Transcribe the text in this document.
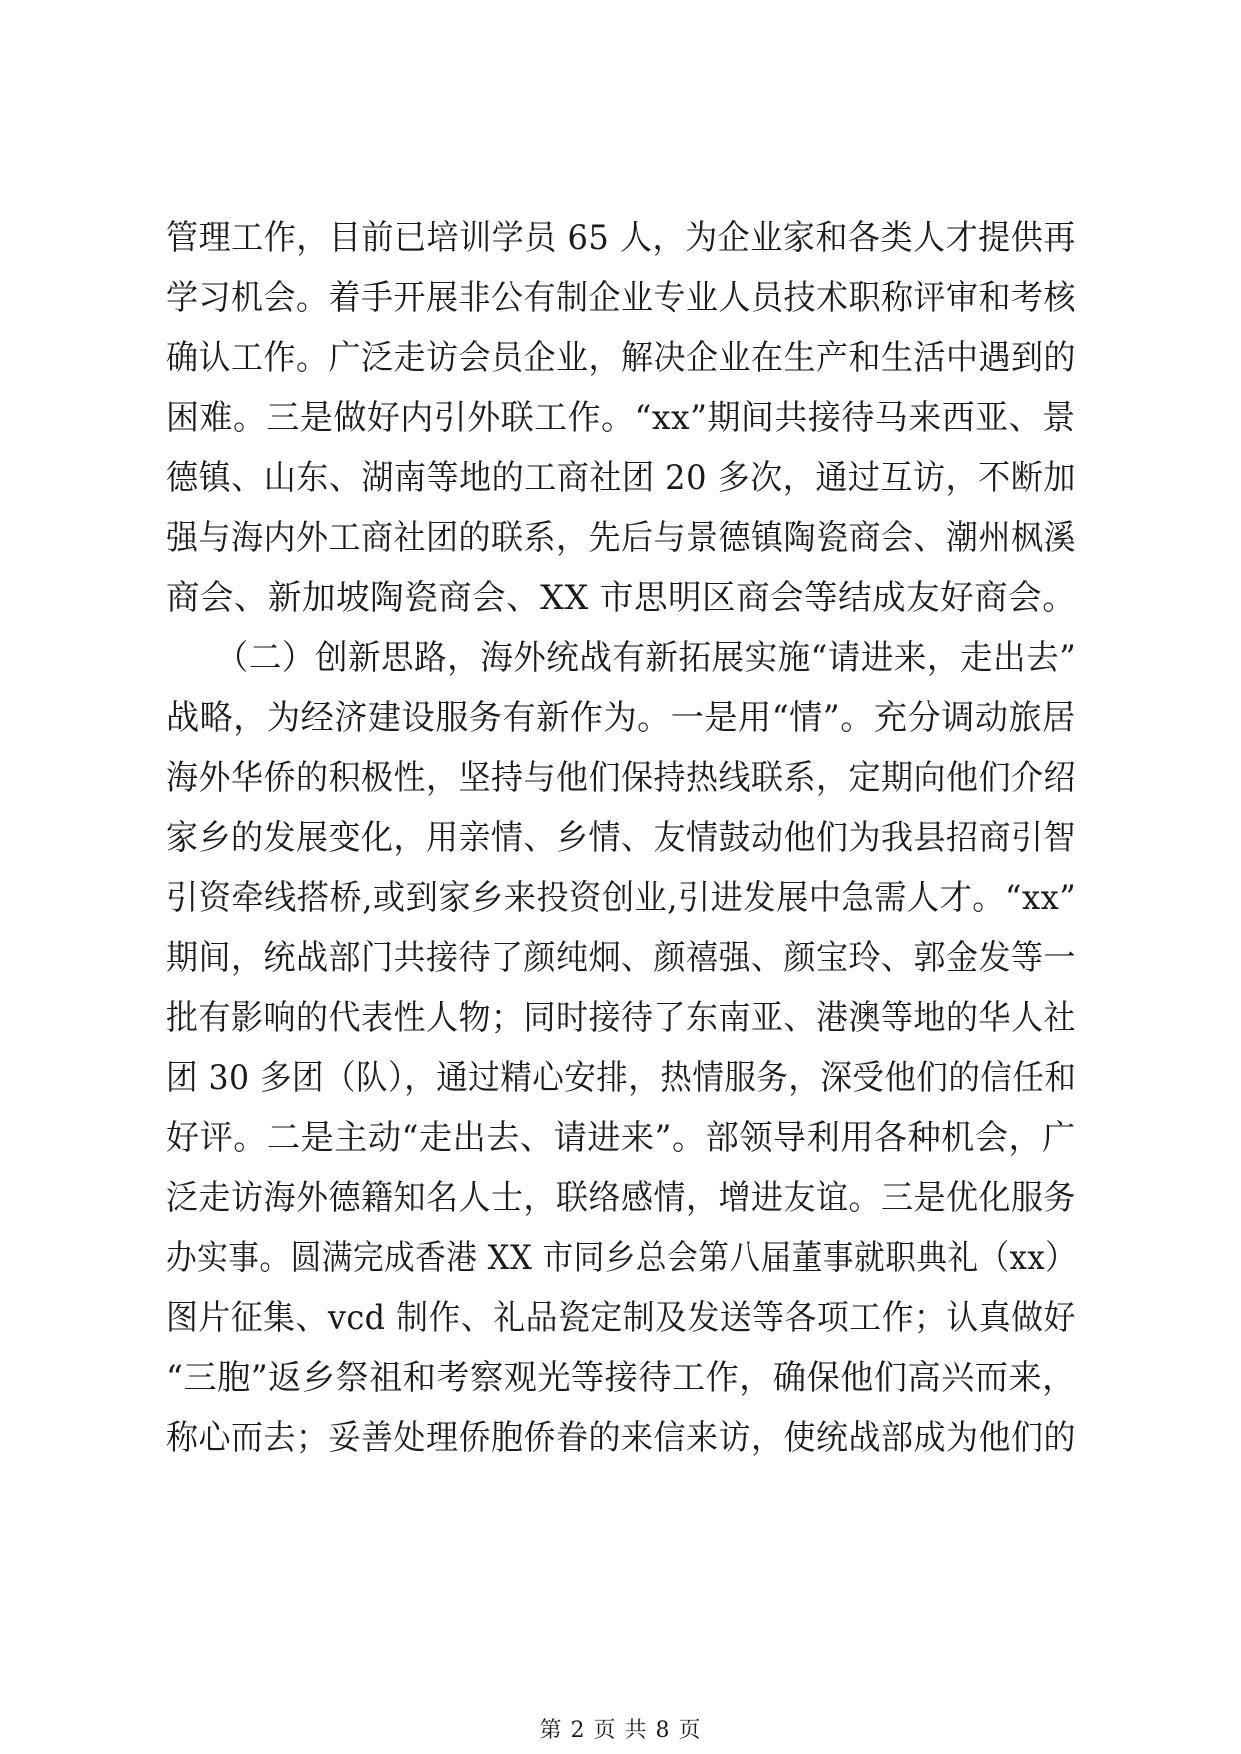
管理工作，目前已培训学员 65 人，为企业家和各类人才提供再
学习机会。着手开展非公有制企业专业人员技术职称评审和考核
确认工作。广泛走访会员企业，解决企业在生产和生活中遇到的
困难。三是做好内引外联工作。“xx”期间共接待马来西亚、景
德镇、山东、湖南等地的工商社团 20 多次，通过互访，不断加
强与海内外工商社团的联系，先后与景德镇陶瓷商会、潮州枫溪
商会、新加坡陶瓷商会、XX 市思明区商会等结成友好商会。
　　（二）创新思路，海外统战有新拓展实施“请进来，走出去”
战略，为经济建设服务有新作为。一是用“情”。充分调动旅居
海外华侨的积极性，坚持与他们保持热线联系，定期向他们介绍
家乡的发展变化，用亲情、乡情、友情鼓动他们为我县招商引智
引资牵线搭桥,或到家乡来投资创业,引进发展中急需人才。“xx”
期间，统战部门共接待了颜纯炯、颜禧强、颜宝玲、郭金发等一
批有影响的代表性人物；同时接待了东南亚、港澳等地的华人社
团 30 多团（队），通过精心安排，热情服务，深受他们的信任和
好评。二是主动“走出去、请进来”。部领导利用各种机会，广
泛走访海外德籍知名人士，联络感情，增进友谊。三是优化服务
办实事。圆满完成香港 XX 市同乡总会第八届董事就职典礼（xx）
图片征集、vcd 制作、礼品瓷定制及发送等各项工作；认真做好
“三胞”返乡祭祖和考察观光等接待工作，确保他们高兴而来，
称心而去；妥善处理侨胞侨眷的来信来访，使统战部成为他们的
第 2 页 共 8 页
